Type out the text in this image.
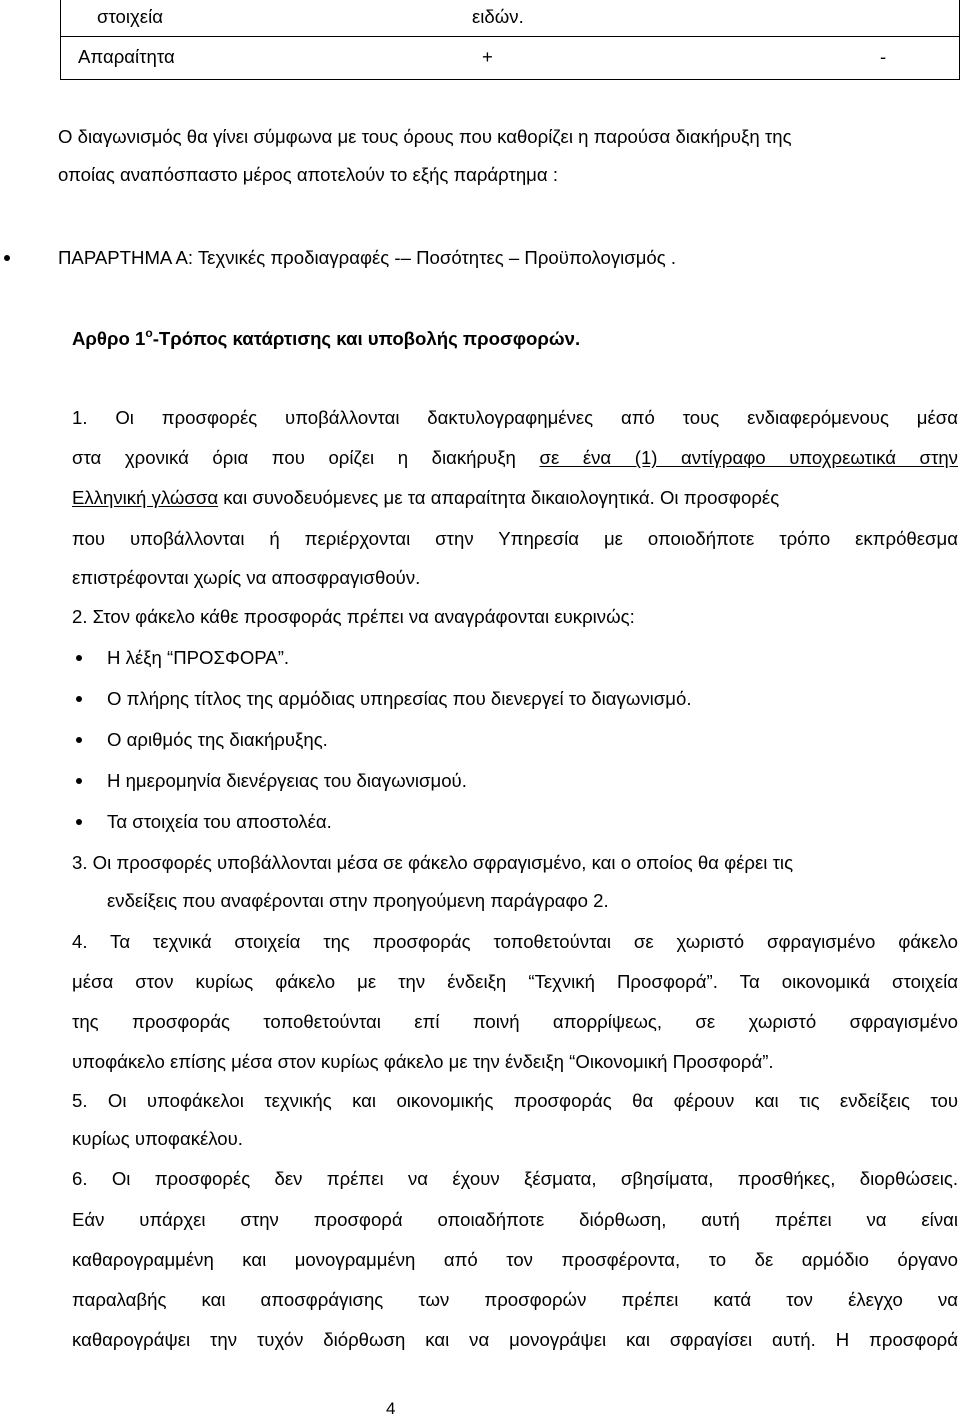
στοιχεία	ειδών.
Απαραίτητα	+	-
Ο διαγωνισμός θα γίνει σύμφωνα με τους όρους που καθορίζει η παρούσα διακήρυξη της
οποίας αναπόσπαστο μέρος αποτελούν το εξής παράρτημα :
ΠΑΡΑΡΤΗΜΑ Α: Τεχνικές προδιαγραφές -– Ποσότητες – Προϋπολογισμός .
Αρθρο $1^o$-Τρόπος κατάρτισης και υποβολής προσφορών.
1. Οι προσφορές υποβάλλονται δακτυλογραφημένες από τους ενδιαφερόμενους μέσα
στα χρονικά όρια που ορίζει η διακήρυξη σε ένα (1) αντίγραφο υποχρεωτικά στην
Ελληνική γλώσσα και συνοδευόμενες με τα απαραίτητα δικαιολογητικά. Οι προσφορές
που υποβάλλονται ή περιέρχονται στην Υπηρεσία με οποιοδήποτε τρόπο εκπρόθεσμα
επιστρέφονται χωρίς να αποσφραγισθούν.
2. Στον φάκελο κάθε προσφοράς πρέπει να αναγράφονται ευκρινώς:
Η λέξη “ΠΡΟΣΦΟΡΑ”.
Ο πλήρης τίτλος της αρμόδιας υπηρεσίας που διενεργεί το διαγωνισμό.
Ο αριθμός της διακήρυξης.
Η ημερομηνία διενέργειας του διαγωνισμού.
Τα στοιχεία του αποστολέα.
3. Οι προσφορές υποβάλλονται μέσα σε φάκελο σφραγισμένο, και ο οποίος θα φέρει τις
ενδείξεις που αναφέρονται στην προηγούμενη παράγραφο 2.
4. Τα τεχνικά στοιχεία της προσφοράς τοποθετούνται σε χωριστό σφραγισμένο φάκελο
μέσα στον κυρίως φάκελο με την ένδειξη “Τεχνική Προσφορά”. Τα οικονομικά στοιχεία
της προσφοράς τοποθετούνται επί ποινή απορρίψεως, σε χωριστό σφραγισμένο
υποφάκελο επίσης μέσα στον κυρίως φάκελο με την ένδειξη “Οικονομική Προσφορά”.
5. Οι υποφάκελοι τεχνικής και οικονομικής προσφοράς θα φέρουν και τις ενδείξεις του
κυρίως υποφακέλου.
6. Οι προσφορές δεν πρέπει να έχουν ξέσματα, σβησίματα, προσθήκες, διορθώσεις.
Εάν υπάρχει στην προσφορά οποιαδήποτε διόρθωση, αυτή πρέπει να είναι
καθαρογραμμένη και μονογραμμένη από τον προσφέροντα, το δε αρμόδιο όργανο
παραλαβής και αποσφράγισης των προσφορών πρέπει κατά τον έλεγχο να
καθαρογράψει την τυχόν διόρθωση και να μονογράψει και σφραγίσει αυτή. Η προσφορά
4
